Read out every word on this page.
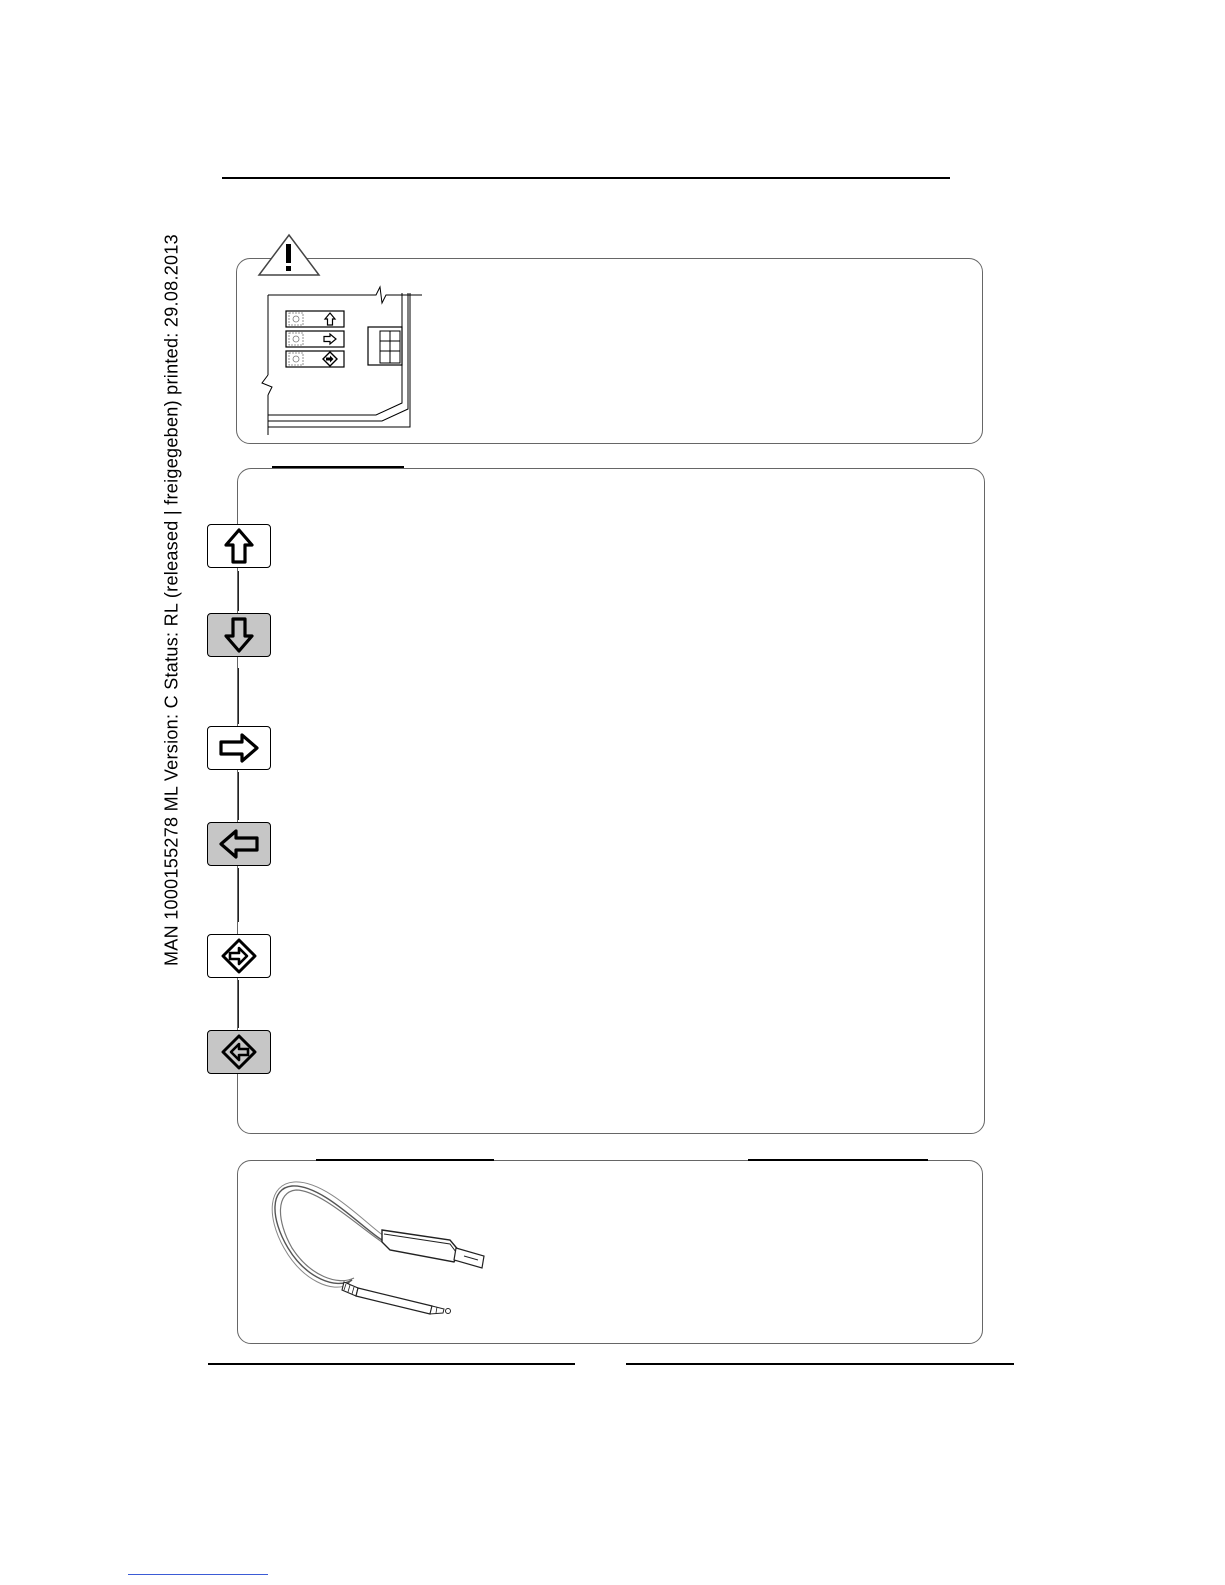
MAN 1000155278 ML Version: C Status: RL (released | freigegeben) printed: 29.08.2013
